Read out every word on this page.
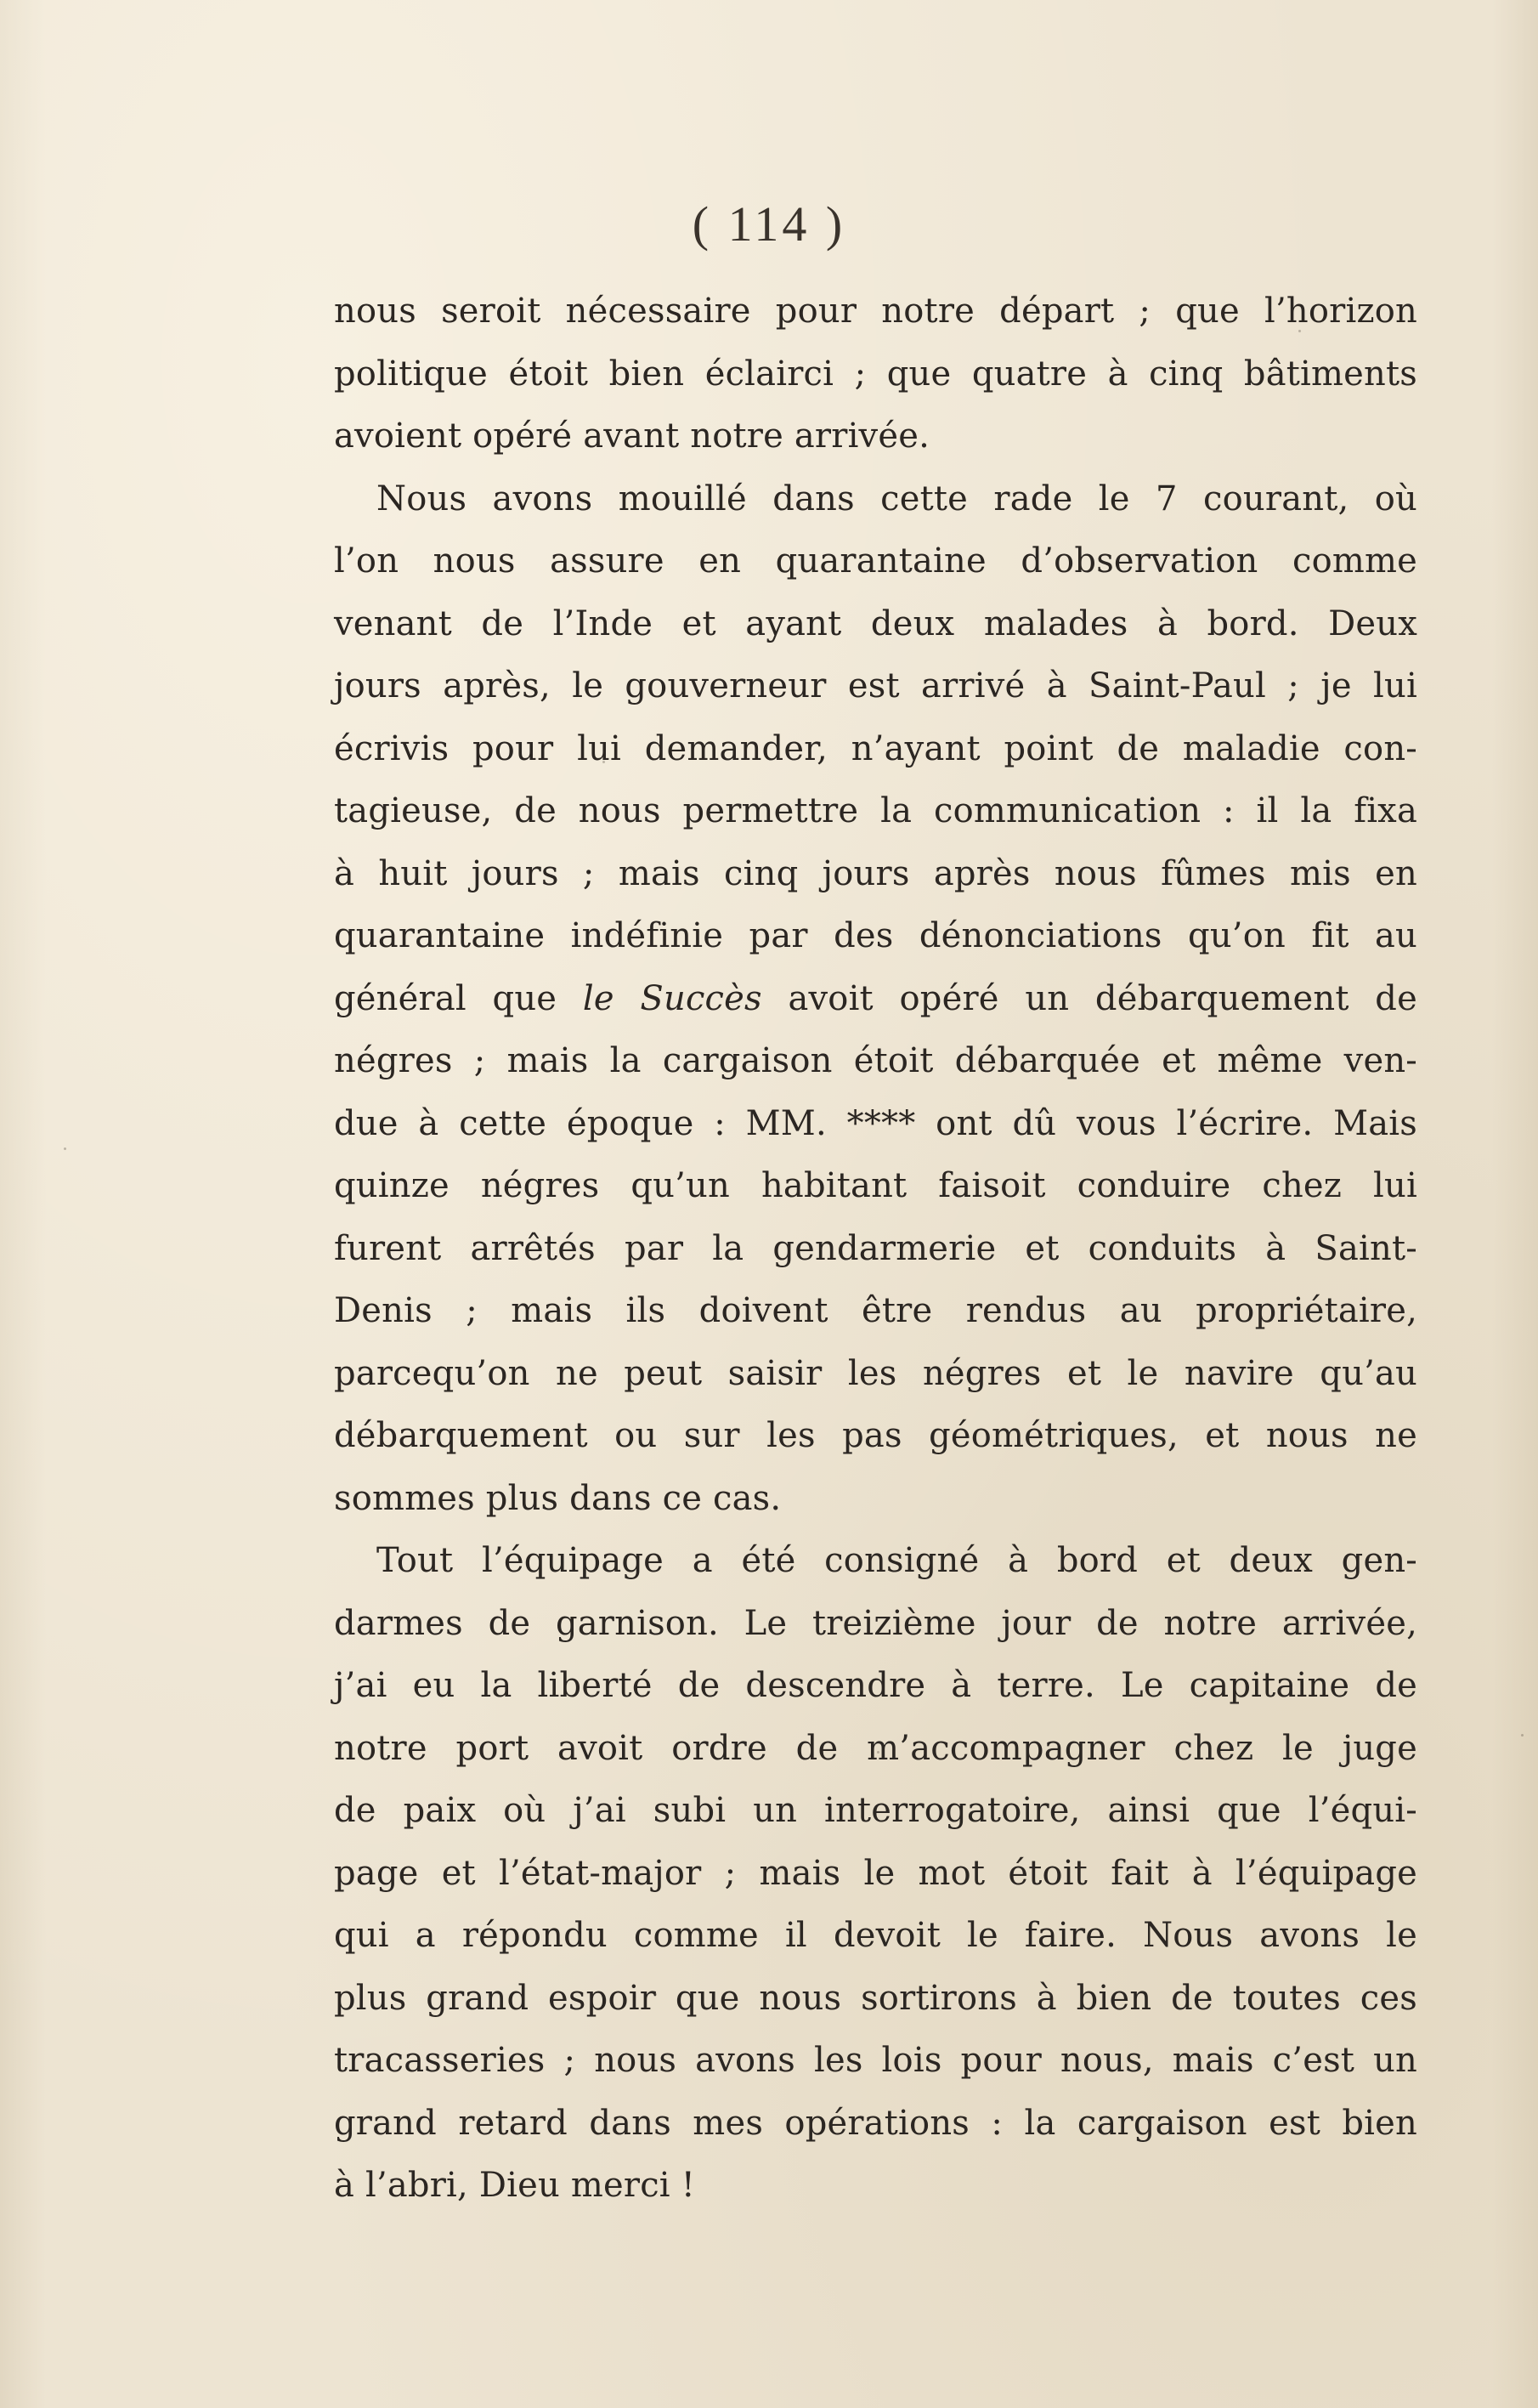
( 114 )
nous seroit nécessaire pour notre départ ; que l’horizon
politique étoit bien éclairci ; que quatre à cinq bâtiments
avoient opéré avant notre arrivée.
Nous avons mouillé dans cette rade le 7 courant, où
l’on nous assure en quarantaine d’observation comme
venant de l’Inde et ayant deux malades à bord. Deux
jours après, le gouverneur est arrivé à Saint-Paul ; je lui
écrivis pour lui demander, n’ayant point de maladie con-
tagieuse, de nous permettre la communication : il la fixa
à huit jours ; mais cinq jours après nous fûmes mis en
quarantaine indéfinie par des dénonciations qu’on fit au
général que le Succès avoit opéré un débarquement de
négres ; mais la cargaison étoit débarquée et même ven-
due à cette époque : MM. **** ont dû vous l’écrire. Mais
quinze négres qu’un habitant faisoit conduire chez lui
furent arrêtés par la gendarmerie et conduits à Saint-
Denis ; mais ils doivent être rendus au propriétaire,
parcequ’on ne peut saisir les négres et le navire qu’au
débarquement ou sur les pas géométriques, et nous ne
sommes plus dans ce cas.
Tout l’équipage a été consigné à bord et deux gen-
darmes de garnison. Le treizième jour de notre arrivée,
j’ai eu la liberté de descendre à terre. Le capitaine de
notre port avoit ordre de m’accompagner chez le juge
de paix où j’ai subi un interrogatoire, ainsi que l’équi-
page et l’état-major ; mais le mot étoit fait à l’équipage
qui a répondu comme il devoit le faire. Nous avons le
plus grand espoir que nous sortirons à bien de toutes ces
tracasseries ; nous avons les lois pour nous, mais c’est un
grand retard dans mes opérations : la cargaison est bien
à l’abri, Dieu merci !
